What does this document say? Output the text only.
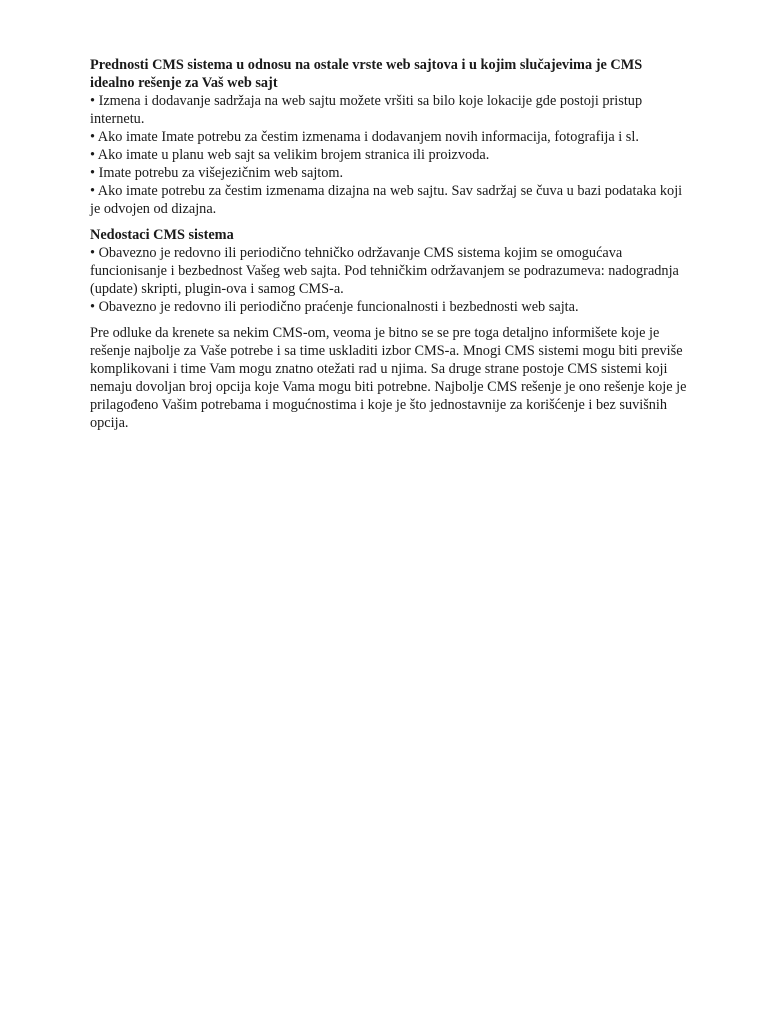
Prednosti CMS sistema u odnosu na ostale vrste web sajtova i u kojim slučajevima je CMS idealno rešenje za Vaš web sajt

• Izmena i dodavanje sadržaja na web sajtu možete vršiti sa bilo koje lokacije gde postoji pristup internetu.

• Ako imate Imate potrebu za čestim izmenama i dodavanjem novih informacija, fotografija i sl.

• Ako imate u planu web sajt sa velikim brojem stranica ili proizvoda.

• Imate potrebu za višejezičnim web sajtom.

• Ako imate potrebu za čestim izmenama dizajna na web sajtu. Sav sadržaj se čuva u bazi podataka koji je odvojen od dizajna.

Nedostaci CMS sistema

• Obavezno je redovno ili periodično tehničko održavanje CMS sistema kojim se omogućava funcionisanje i bezbednost Vašeg web sajta. Pod tehničkim održavanjem se podrazumeva: nadogradnja (update) skripti, plugin-ova i samog CMS-a.

• Obavezno je redovno ili periodično praćenje funcionalnosti i bezbednosti web sajta.

Pre odluke da krenete sa nekim CMS-om, veoma je bitno se se pre toga detaljno informišete koje je rešenje najbolje za Vaše potrebe i sa time uskladiti izbor CMS-a. Mnogi CMS sistemi mogu biti previše komplikovani i time Vam mogu znatno otežati rad u njima. Sa druge strane postoje CMS sistemi koji nemaju dovoljan broj opcija koje Vama mogu biti potrebne. Najbolje CMS rešenje je ono rešenje koje je prilagođeno Vašim potrebama i mogućnostima i koje je što jednostavnije za korišćenje i bez suvišnih opcija.
